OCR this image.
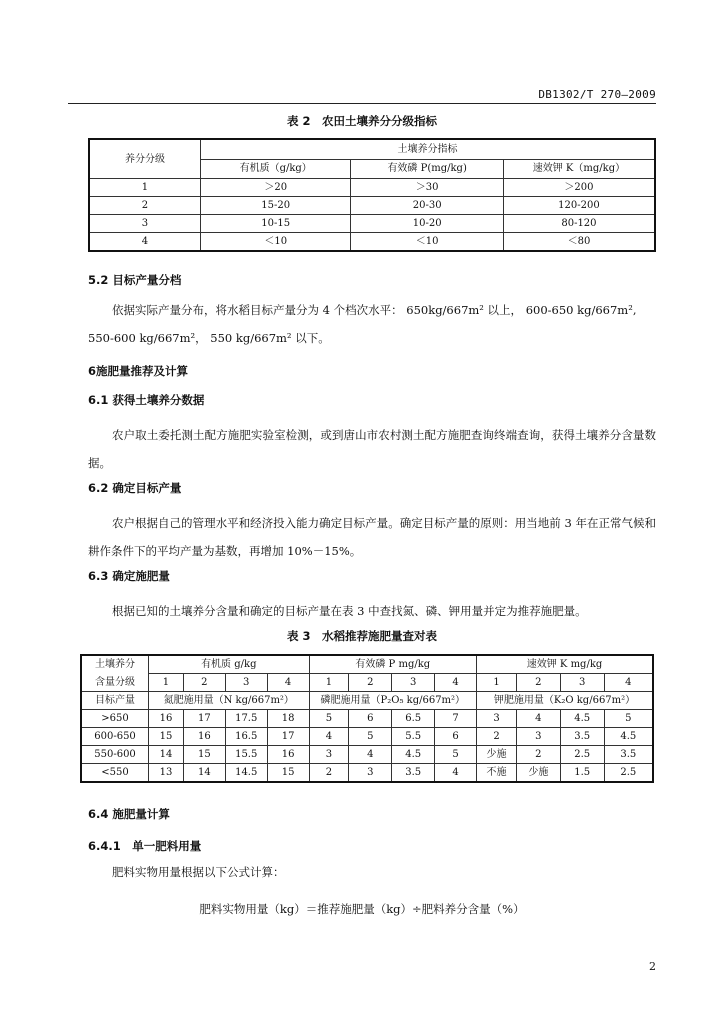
DB1302/T 270—2009
表 2　农田土壤养分分级指标
养分分级	土壤养分指标		
	有机质（g/kg）	有效磷 P(mg/kg)	速效钾 K（mg/kg）
1	＞20	＞30	＞200
2	15-20	20-30	120-200
3	10-15	10-20	80-120
4	＜10	＜10	＜80
5.2 目标产量分档
依据实际产量分布，将水稻目标产量分为 4 个档次水平： 650kg/667m² 以上， 600-650 kg/667m²,
550-600 kg/667m²， 550 kg/667m² 以下。
6施肥量推荐及计算
6.1 获得土壤养分数据
农户取土委托测土配方施肥实验室检测，或到唐山市农村测土配方施肥查询终端查询，获得土壤养分含量数据。
6.2 确定目标产量
农户根据自己的管理水平和经济投入能力确定目标产量。确定目标产量的原则：用当地前 3 年在正常气候和耕作条件下的平均产量为基数，再增加 10%－15%。
6.3 确定施肥量
根据已知的土壤养分含量和确定的目标产量在表 3 中查找氮、磷、钾用量并定为推荐施肥量。
表 3　水稻推荐施肥量查对表
土壤养分	有机质 g/kg				有效磷 P mg/kg				速效钾 K mg/kg			
含量分级	1	2	3	4	1	2	3	4	1	2	3	4
目标产量	氮肥施用量（N kg/667m²）				磷肥施用量（P₂O₅ kg/667m²）				钾肥施用量（K₂O kg/667m²）			
>650	16	17	17.5	18	5	6	6.5	7	3	4	4.5	5
600-650	15	16	16.5	17	4	5	5.5	6	2	3	3.5	4.5
550-600	14	15	15.5	16	3	4	4.5	5	少施	2	2.5	3.5
<550	13	14	14.5	15	2	3	3.5	4	不施	少施	1.5	2.5
6.4 施肥量计算
6.4.1　单一肥料用量
肥料实物用量根据以下公式计算：
肥料实物用量（kg）＝推荐施肥量（kg）÷肥料养分含量（%）
2
